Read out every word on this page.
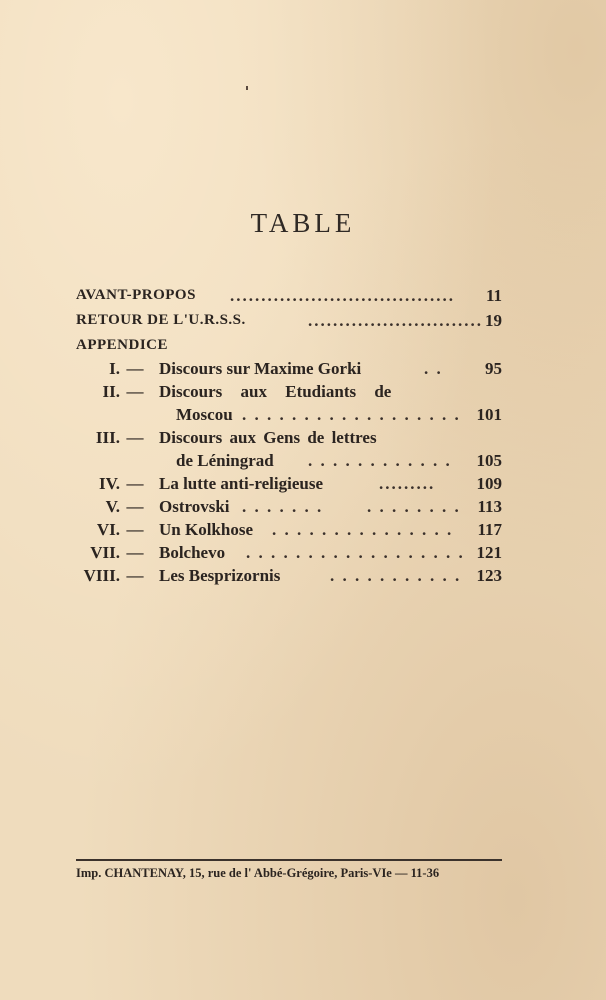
TABLE
AVANT-PROPOS .................................... 11
RETOUR DE L'U.R.S.S.	............................ 19
APPENDICE
I. — Discours sur Maxime Gorki	. .	95
II. — Discours aux Etudiants de
Moscou . . . . . . . . . . . . . . . . . . 101
III. — Discours aux Gens de lettres
de Léningrad . . . . . . . . . . . . 105
IV. — La lutte anti-religieuse	.........	109
V. — Ostrovski . . . . . . .       . . . . . . . . 113
VI. — Un Kolkhose . . . . . . . . . . . . . . . 117
VII. — Bolchevo . . . . . . . . . . . . . . . . . . 121
VIII. — Les Besprizornis	. . . . . . . . . . . 123
Imp. CHANTENAY, 15, rue de l' Abbé-Grégoire, Paris-VIe — 11-36
